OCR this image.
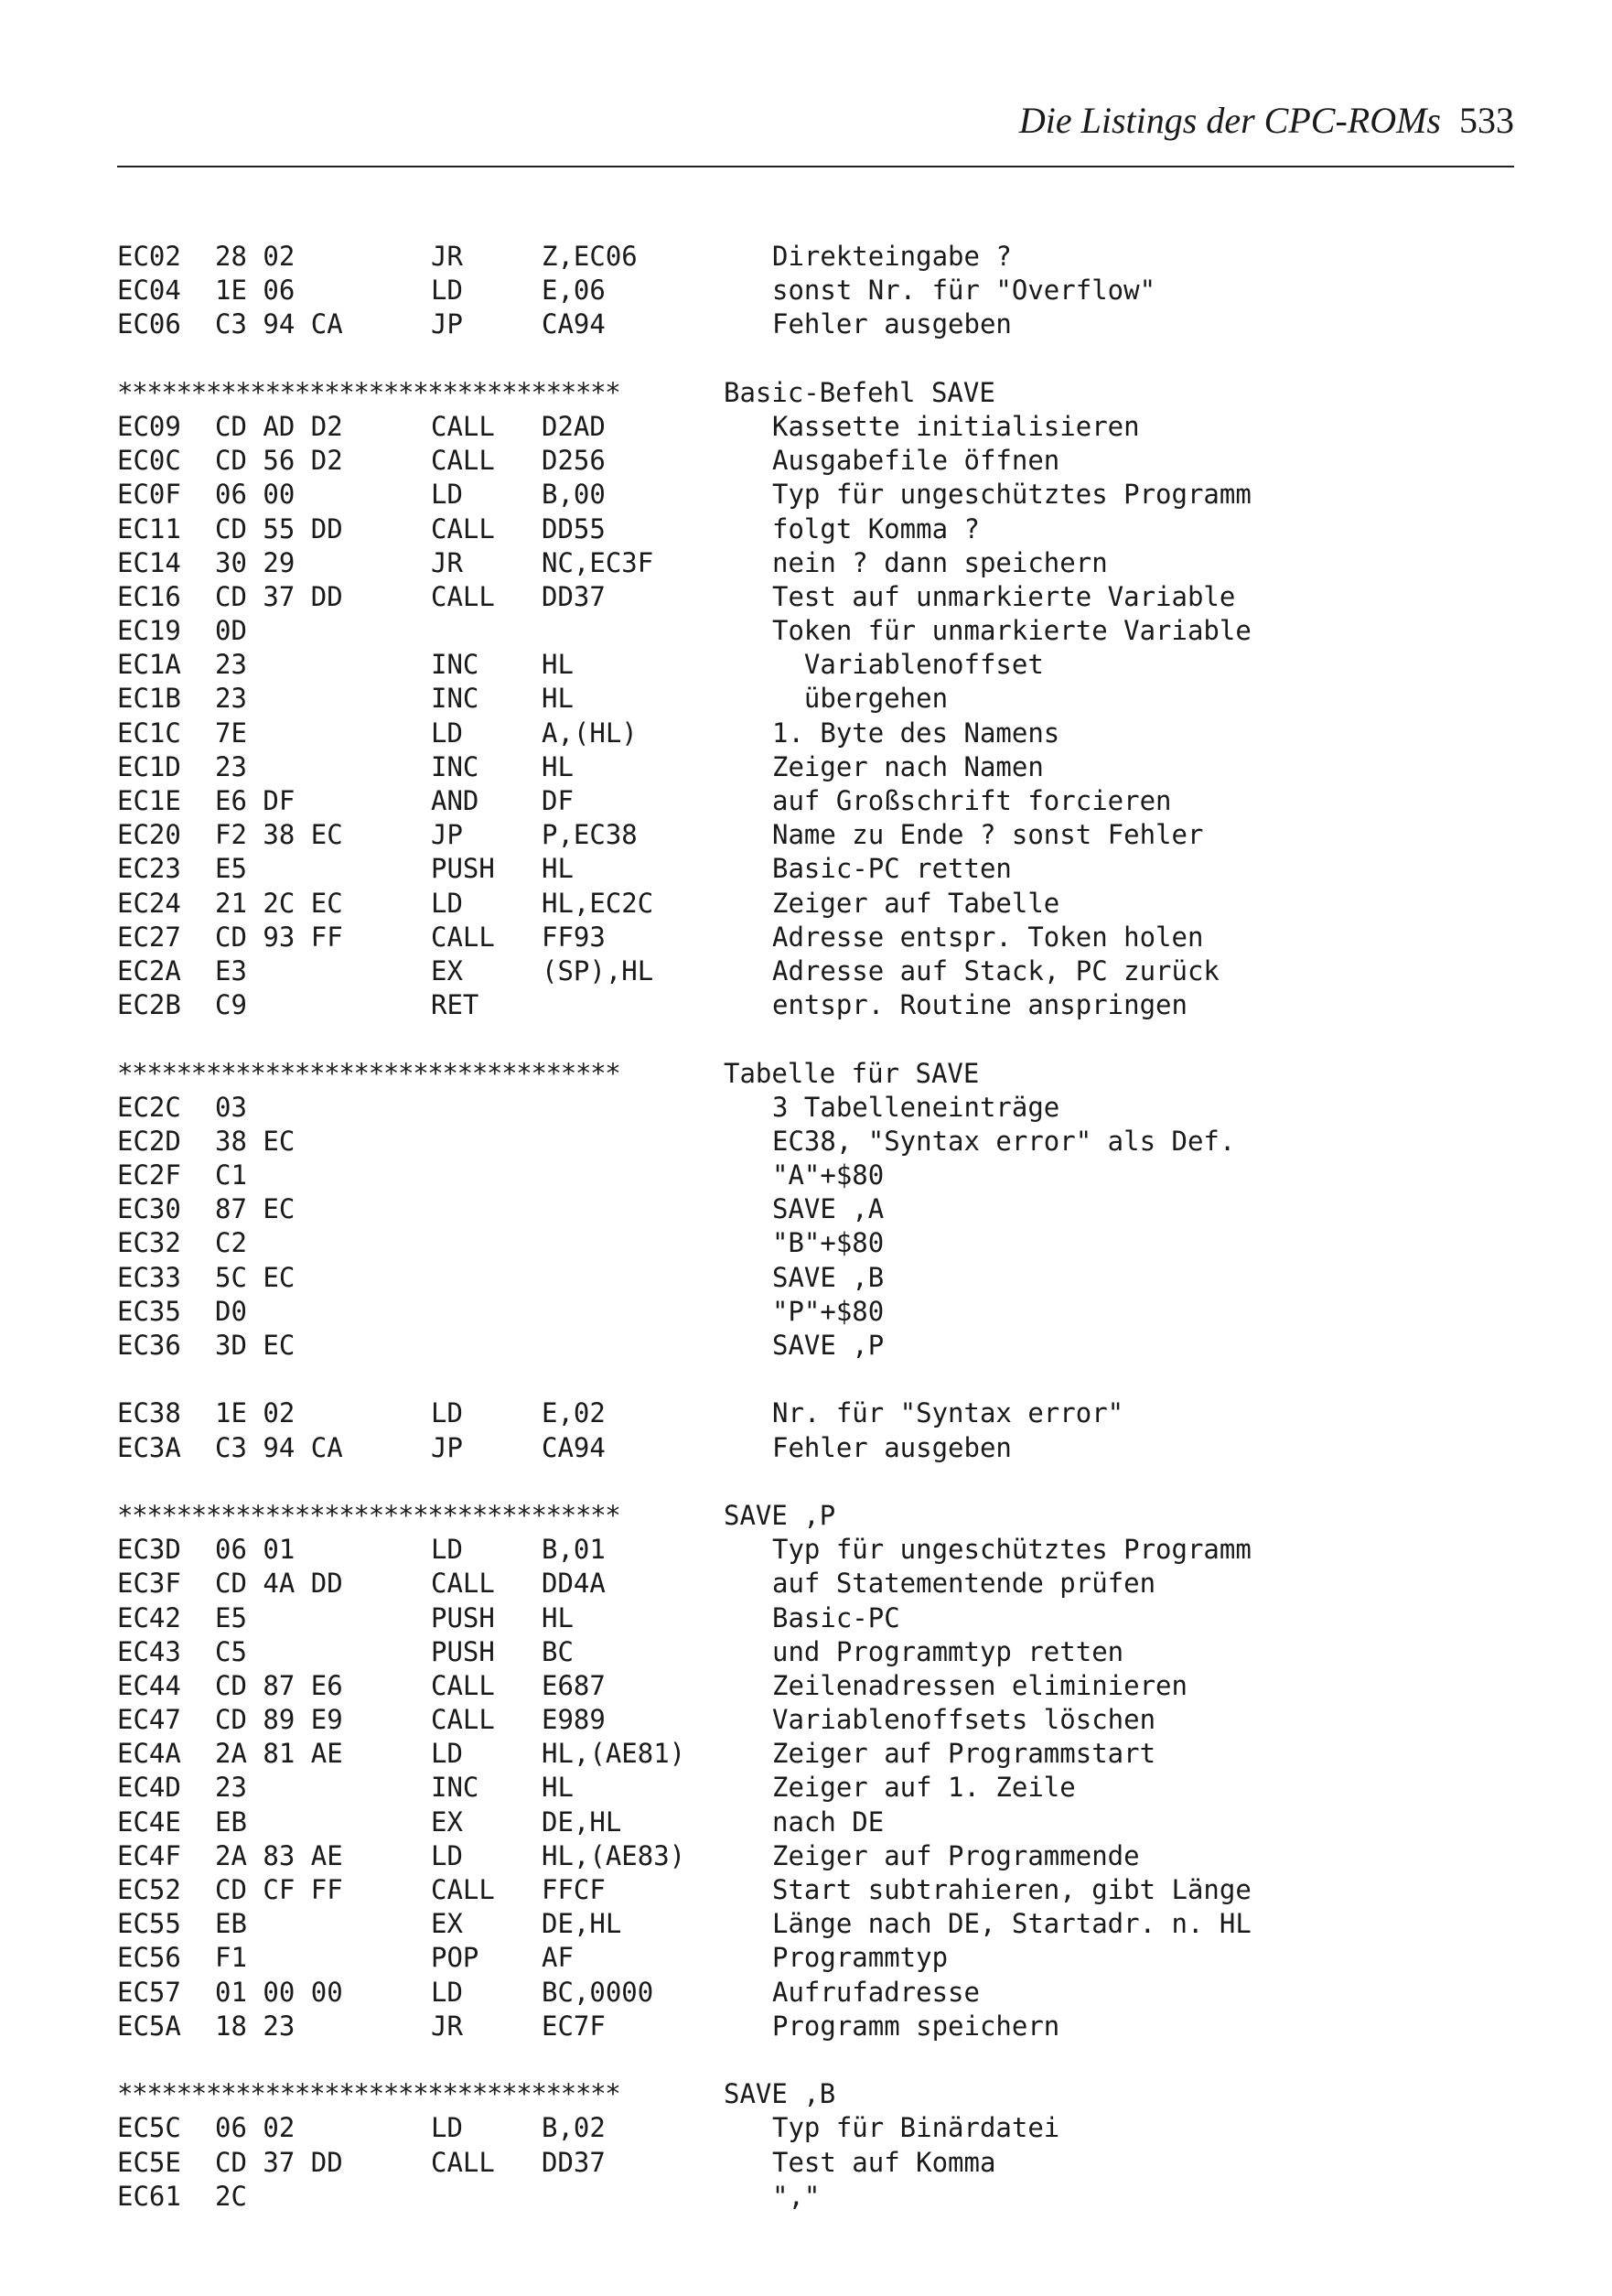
Die Listings der CPC-ROMs 533
EC02 28 02	JR	Z,EC06	Direkteingabe ?
EC04 1E 06	LD	E,06	sonst Nr. für "Overflow"
EC06 C3 94 CA	JP	CA94	Fehler ausgeben
**********************************	Basic-Befehl SAVE
EC09 CD AD D2	CALL D2AD	Kassette initialisieren
EC0C CD 56 D2	CALL D256	Ausgabefile öffnen
EC0F 06 00	LD	B,00	Typ für ungeschütztes Programm
EC11 CD 55 DD	CALL DD55	folgt Komma ?
EC14 30 29	JR	NC,EC3F	nein ? dann speichern
EC16 CD 37 DD	CALL DD37	Test auf unmarkierte Variable
EC19 0D	Token für unmarkierte Variable
EC1A 23	INC HL	Variablenoffset
EC1B 23	INC HL	übergehen
EC1C 7E	LD	A,(HL)	1. Byte des Namens
EC1D 23	INC HL	Zeiger nach Namen
EC1E E6 DF	AND DF	auf Großschrift forcieren
EC20 F2 38 EC	JP	P,EC38	Name zu Ende ? sonst Fehler
EC23 E5	PUSH HL	Basic-PC retten
EC24 21 2C EC	LD	HL,EC2C	Zeiger auf Tabelle
EC27 CD 93 FF	CALL FF93	Adresse entspr. Token holen
EC2A E3	EX	(SP),HL	Adresse auf Stack, PC zurück
EC2B C9	RET	entspr. Routine anspringen
**********************************	Tabelle für SAVE
EC2C 03	3 Tabelleneinträge
EC2D 38 EC	EC38, "Syntax error" als Def.
EC2F C1	"A"+$80
EC30 87 EC	SAVE ,A
EC32 C2	"B"+$80
EC33 5C EC	SAVE ,B
EC35 D0	"P"+$80
EC36 3D EC	SAVE ,P
EC38 1E 02	LD	E,02	Nr. für "Syntax error"
EC3A C3 94 CA	JP	CA94	Fehler ausgeben
**********************************	SAVE ,P
EC3D 06 01	LD	B,01	Typ für ungeschütztes Programm
EC3F CD 4A DD	CALL DD4A	auf Statementende prüfen
EC42 E5	PUSH HL	Basic-PC
EC43 C5	PUSH BC	und Programmtyp retten
EC44 CD 87 E6	CALL E687	Zeilenadressen eliminieren
EC47 CD 89 E9	CALL E989	Variablenoffsets löschen
EC4A 2A 81 AE	LD	HL,(AE81)	Zeiger auf Programmstart
EC4D 23	INC HL	Zeiger auf 1. Zeile
EC4E EB	EX	DE,HL	nach DE
EC4F 2A 83 AE	LD	HL,(AE83)	Zeiger auf Programmende
EC52 CD CF FF	CALL FFCF	Start subtrahieren, gibt Länge
EC55 EB	EX	DE,HL	Länge nach DE, Startadr. n. HL
EC56 F1	POP AF	Programmtyp
EC57 01 00 00	LD	BC,0000	Aufrufadresse
EC5A 18 23	JR	EC7F	Programm speichern
**********************************	SAVE ,B
EC5C 06 02	LD	B,02	Typ für Binärdatei
EC5E CD 37 DD	CALL DD37	Test auf Komma
EC61 2C	","
